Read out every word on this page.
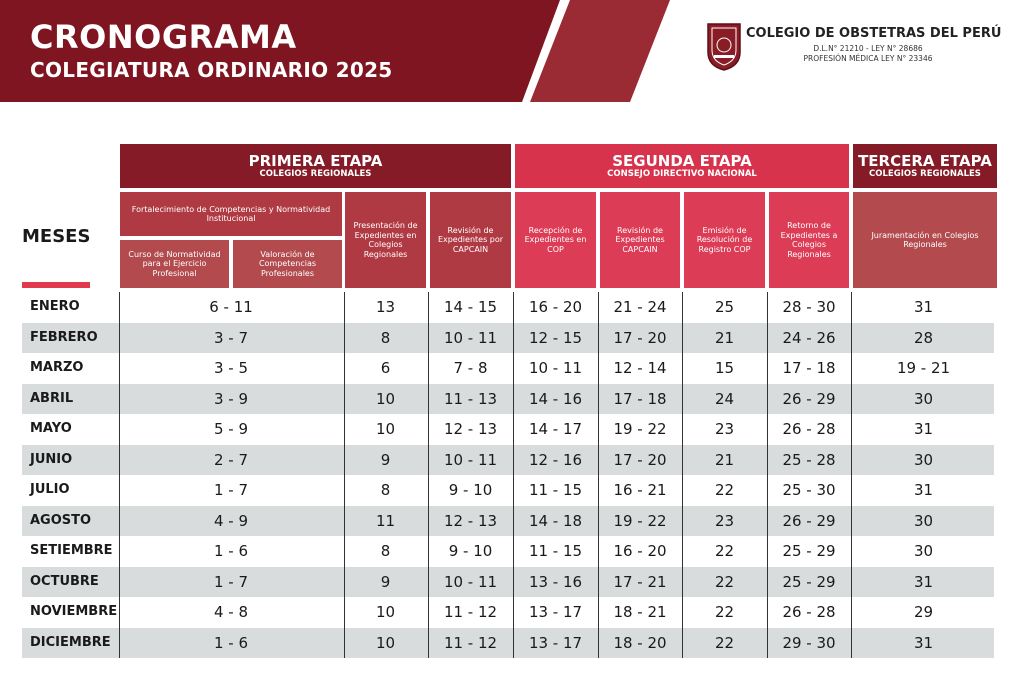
CRONOGRAMA
COLEGIATURA ORDINARIO 2025
COLEGIO DE OBSTETRAS DEL PERÚ
D.L.N° 21210 - LEY N° 28686
PROFESIÓN MÉDICA LEY N° 23346
PRIMERA ETAPA
COLEGIOS REGIONALES
SEGUNDA ETAPA
CONSEJO DIRECTIVO NACIONAL
TERCERA ETAPA
COLEGIOS REGIONALES
Fortalecimiento de Competencias y Normatividad Institucional
Curso de Normatividad para el Ejercicio Profesional
Valoración de Competencias Profesionales
Presentación de Expedientes en Colegios Regionales
Revisión de Expedientes por CAPCAIN
Recepción de Expedientes en COP
Revisión de Expedientes CAPCAIN
Emisión de Resolución de Registro COP
Retorno de Expedientes a Colegios Regionales
Juramentación en Colegios Regionales
MESES
ENERO	6 - 11	13	14 - 15	16 - 20	21 - 24	25	28 - 30	31
FEBRERO	3 - 7	8	10 - 11	12 - 15	17 - 20	21	24 - 26	28
MARZO	3 - 5	6	7 - 8	10 - 11	12 - 14	15	17 - 18	19 - 21
ABRIL	3 - 9	10	11 - 13	14 - 16	17 - 18	24	26 - 29	30
MAYO	5 - 9	10	12 - 13	14 - 17	19 - 22	23	26 - 28	31
JUNIO	2 - 7	9	10 - 11	12 - 16	17 - 20	21	25 - 28	30
JULIO	1 - 7	8	9 - 10	11 - 15	16 - 21	22	25 - 30	31
AGOSTO	4 - 9	11	12 - 13	14 - 18	19 - 22	23	26 - 29	30
SETIEMBRE	1 - 6	8	9 - 10	11 - 15	16 - 20	22	25 - 29	30
OCTUBRE	1 - 7	9	10 - 11	13 - 16	17 - 21	22	25 - 29	31
NOVIEMBRE	4 - 8	10	11 - 12	13 - 17	18 - 21	22	26 - 28	29
DICIEMBRE	1 - 6	10	11 - 12	13 - 17	18 - 20	22	29 - 30	31
